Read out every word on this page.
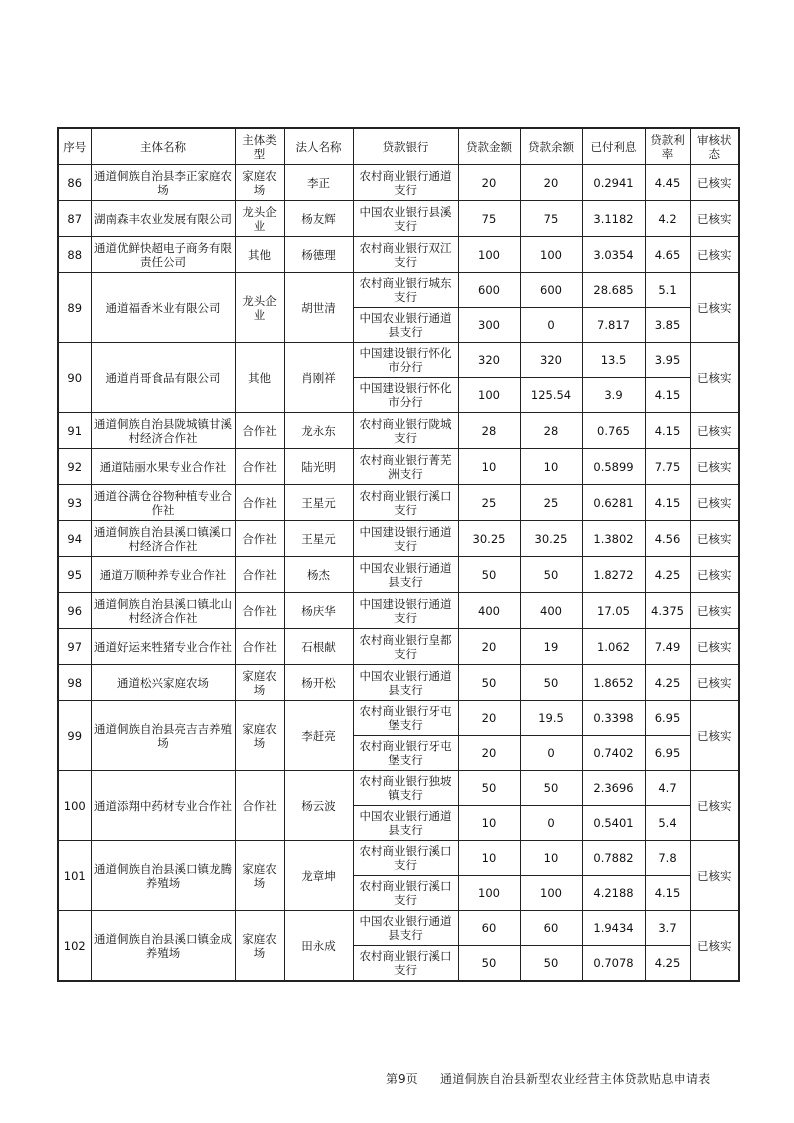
序号	主体名称	主体类型	法人名称	贷款银行	贷款金额	贷款余额	已付利息	贷款利率	审核状态
86	通道侗族自治县李正家庭农场	家庭农场	李正	农村商业银行通道支行	20	20	0.2941	4.45	已核实
87	湖南森丰农业发展有限公司	龙头企业	杨友辉	中国农业银行县溪支行	75	75	3.1182	4.2	已核实
88	通道优鲜快超电子商务有限责任公司	其他	杨德理	农村商业银行双江支行	100	100	3.0354	4.65	已核实
89	通道福香米业有限公司	龙头企业	胡世清	农村商业银行城东支行	600	600	28.685	5.1	已核实
				中国农业银行通道县支行	300	0	7.817	3.85	
90	通道肖哥食品有限公司	其他	肖刚祥	中国建设银行怀化市分行	320	320	13.5	3.95	已核实
				中国建设银行怀化市分行	100	125.54	3.9	4.15	
91	通道侗族自治县陇城镇甘溪村经济合作社	合作社	龙永东	农村商业银行陇城支行	28	28	0.765	4.15	已核实
92	通道陆丽水果专业合作社	合作社	陆光明	农村商业银行菁芜洲支行	10	10	0.5899	7.75	已核实
93	通道谷满仓谷物种植专业合作社	合作社	王星元	农村商业银行溪口支行	25	25	0.6281	4.15	已核实
94	通道侗族自治县溪口镇溪口村经济合作社	合作社	王星元	中国建设银行通道支行	30.25	30.25	1.3802	4.56	已核实
95	通道万顺种养专业合作社	合作社	杨杰	中国农业银行通道县支行	50	50	1.8272	4.25	已核实
96	通道侗族自治县溪口镇北山村经济合作社	合作社	杨庆华	中国建设银行通道支行	400	400	17.05	4.375	已核实
97	通道好运来牲猪专业合作社	合作社	石根献	农村商业银行皇都支行	20	19	1.062	7.49	已核实
98	通道松兴家庭农场	家庭农场	杨开松	中国农业银行通道县支行	50	50	1.8652	4.25	已核实
99	通道侗族自治县亮吉吉养殖场	家庭农场	李赶亮	农村商业银行牙屯堡支行	20	19.5	0.3398	6.95	已核实
				农村商业银行牙屯堡支行	20	0	0.7402	6.95	
100	通道添翔中药材专业合作社	合作社	杨云波	农村商业银行独坡镇支行	50	50	2.3696	4.7	已核实
				中国农业银行通道县支行	10	0	0.5401	5.4	
101	通道侗族自治县溪口镇龙腾养殖场	家庭农场	龙章坤	农村商业银行溪口支行	10	10	0.7882	7.8	已核实
				农村商业银行溪口支行	100	100	4.2188	4.15	
102	通道侗族自治县溪口镇金成养殖场	家庭农场	田永成	中国农业银行通道县支行	60	60	1.9434	3.7	已核实
				农村商业银行溪口支行	50	50	0.7078	4.25	
第9页 通道侗族自治县新型农业经营主体贷款贴息申请表
